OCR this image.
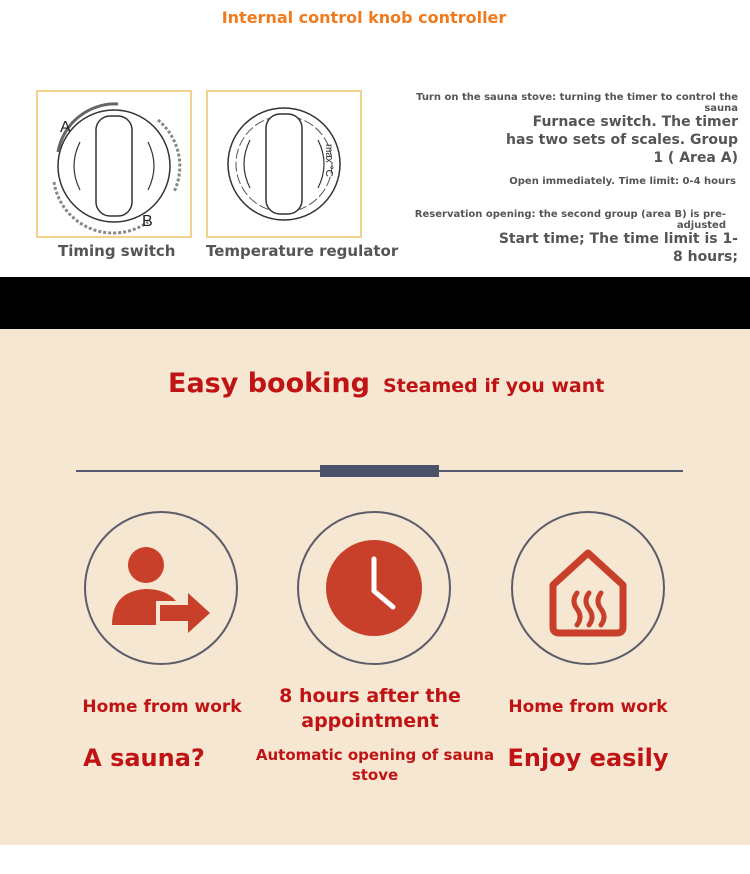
Internal control knob controller
A
B
Timing switch
max °C
Temperature regulator
Turn on the sauna stove: turning the timer to control the sauna
Furnace switch. The timer has two sets of scales. Group 1 ( Area A)
Open immediately. Time limit: 0-4 hours
Reservation opening: the second group (area B) is pre-adjusted
Start time; The time limit is 1-8 hours;
Easy booking Steamed if you want
Home from work
A sauna?
8 hours after the appointment
Automatic opening of sauna stove
Home from work
Enjoy easily
